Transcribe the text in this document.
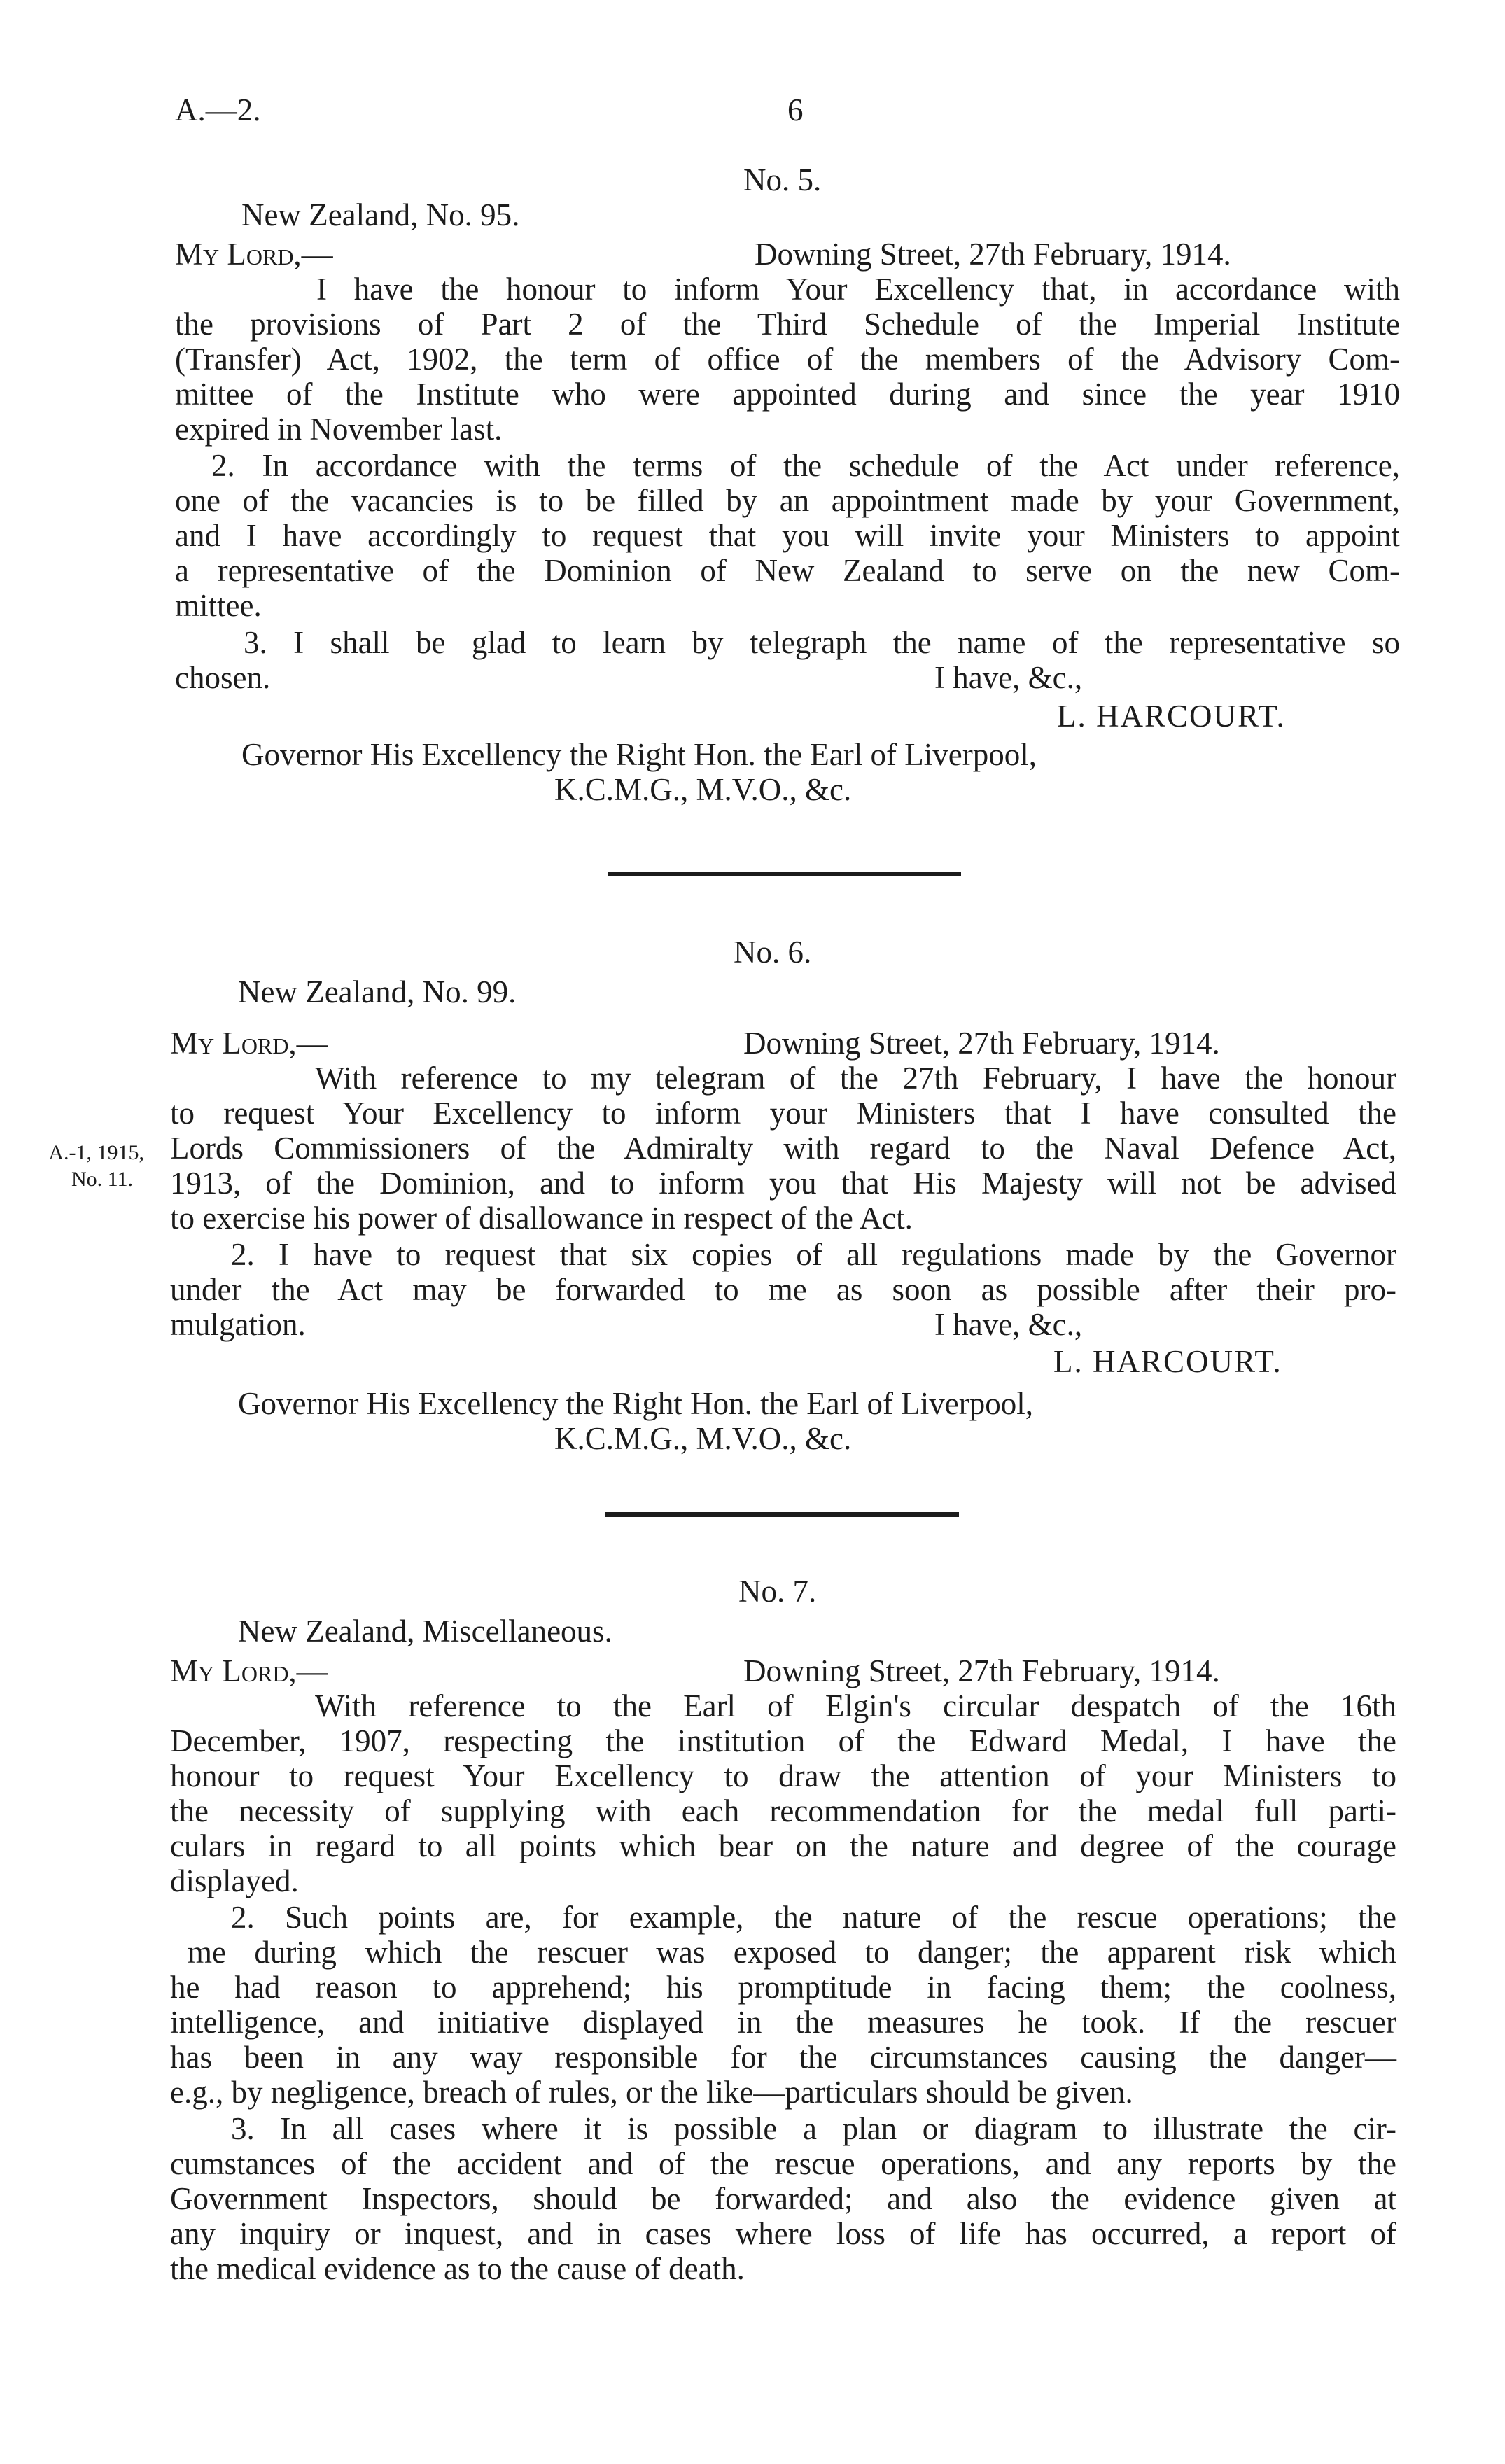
A.—2.	6
No. 5.
New Zealand, No. 95.
My Lord,—	Downing Street, 27th February, 1914.
I have the honour to inform Your Excellency that, in accordance with
the provisions of Part 2 of the Third Schedule of the Imperial Institute
(Transfer) Act, 1902, the term of office of the members of the Advisory Com-
mittee of the Institute who were appointed during and since the year 1910
expired in November last.
2. In accordance with the terms of the schedule of the Act under reference,
one of the vacancies is to be filled by an appointment made by your Government,
and I have accordingly to request that you will invite your Ministers to appoint
a representative of the Dominion of New Zealand to serve on the new Com-
mittee.
3. I shall be glad to learn by telegraph the name of the representative so
chosen.	I have, &c.,
L. HARCOURT.
Governor His Excellency the Right Hon. the Earl of Liverpool,
K.C.M.G., M.V.O., &c.
No. 6.
New Zealand, No. 99.
My Lord,—	Downing Street, 27th February, 1914.
With reference to my telegram of the 27th February, I have the honour
to request Your Excellency to inform your Ministers that I have consulted the
Lords Commissioners of the Admiralty with regard to the Naval Defence Act,
1913, of the Dominion, and to inform you that His Majesty will not be advised
to exercise his power of disallowance in respect of the Act.
2. I have to request that six copies of all regulations made by the Governor
under the Act may be forwarded to me as soon as possible after their pro-
mulgation.	I have, &c.,
L. HARCOURT.
Governor His Excellency the Right Hon. the Earl of Liverpool,
K.C.M.G., M.V.O., &c.
A.-1, 1915,
No. 11.
No. 7.
New Zealand, Miscellaneous.
My Lord,—	Downing Street, 27th February, 1914.
With reference to the Earl of Elgin's circular despatch of the 16th
December, 1907, respecting the institution of the Edward Medal, I have the
honour to request Your Excellency to draw the attention of your Ministers to
the necessity of supplying with each recommendation for the medal full parti-
culars in regard to all points which bear on the nature and degree of the courage
displayed.
2. Such points are, for example, the nature of the rescue operations; the
me during which the rescuer was exposed to danger; the apparent risk which
he had reason to apprehend; his promptitude in facing them; the coolness,
intelligence, and initiative displayed in the measures he took. If the rescuer
has been in any way responsible for the circumstances causing the danger—
e.g., by negligence, breach of rules, or the like—particulars should be given.
3. In all cases where it is possible a plan or diagram to illustrate the cir-
cumstances of the accident and of the rescue operations, and any reports by the
Government Inspectors, should be forwarded; and also the evidence given at
any inquiry or inquest, and in cases where loss of life has occurred, a report of
the medical evidence as to the cause of death.
